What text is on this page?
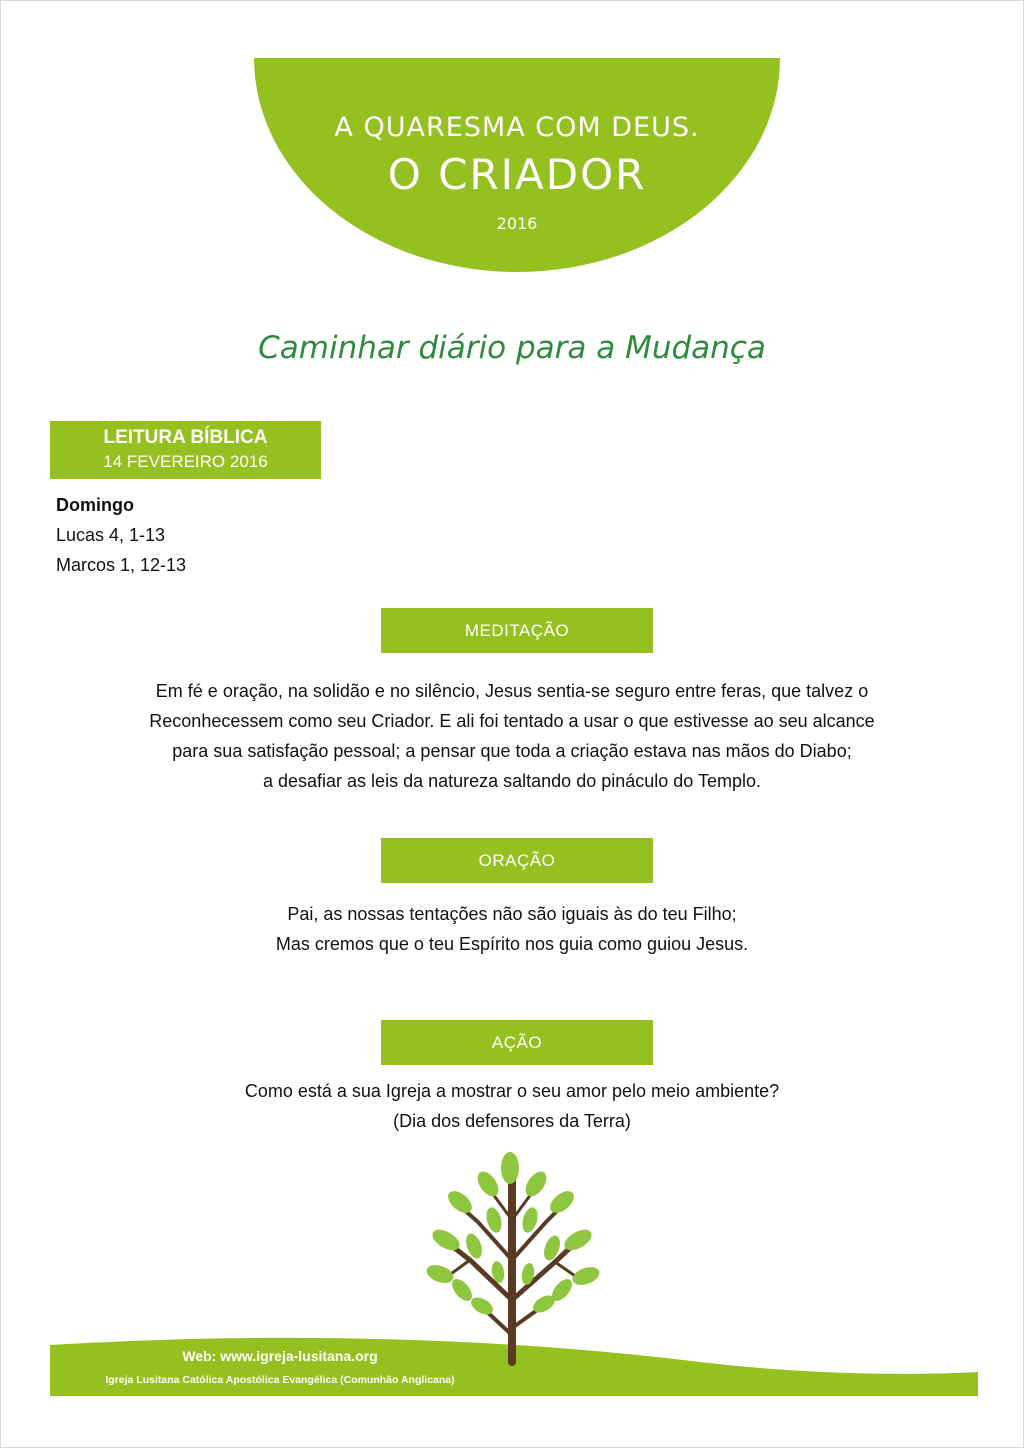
A QUARESMA COM DEUS.
O CRIADOR
2016
Caminhar diário para a Mudança
LEITURA BÍBLICA
14 FEVEREIRO 2016
Domingo
Lucas 4, 1-13
Marcos 1, 12-13
MEDITAÇÃO
Em fé e oração, na solidão e no silêncio, Jesus sentia-se seguro entre feras, que talvez o
Reconhecessem como seu Criador. E ali foi tentado a usar o que estivesse ao seu alcance
para sua satisfação pessoal; a pensar que toda a criação estava nas mãos do Diabo;
a desafiar as leis da natureza saltando do pináculo do Templo.
ORAÇÃO
Pai, as nossas tentações não são iguais às do teu Filho;
Mas cremos que o teu Espírito nos guia como guiou Jesus.
AÇÃO
Como está a sua Igreja a mostrar o seu amor pelo meio ambiente?
(Dia dos defensores da Terra)
Web: www.igreja-lusitana.org
Igreja Lusitana Católica Apostólica Evangélica (Comunhão Anglicana)
